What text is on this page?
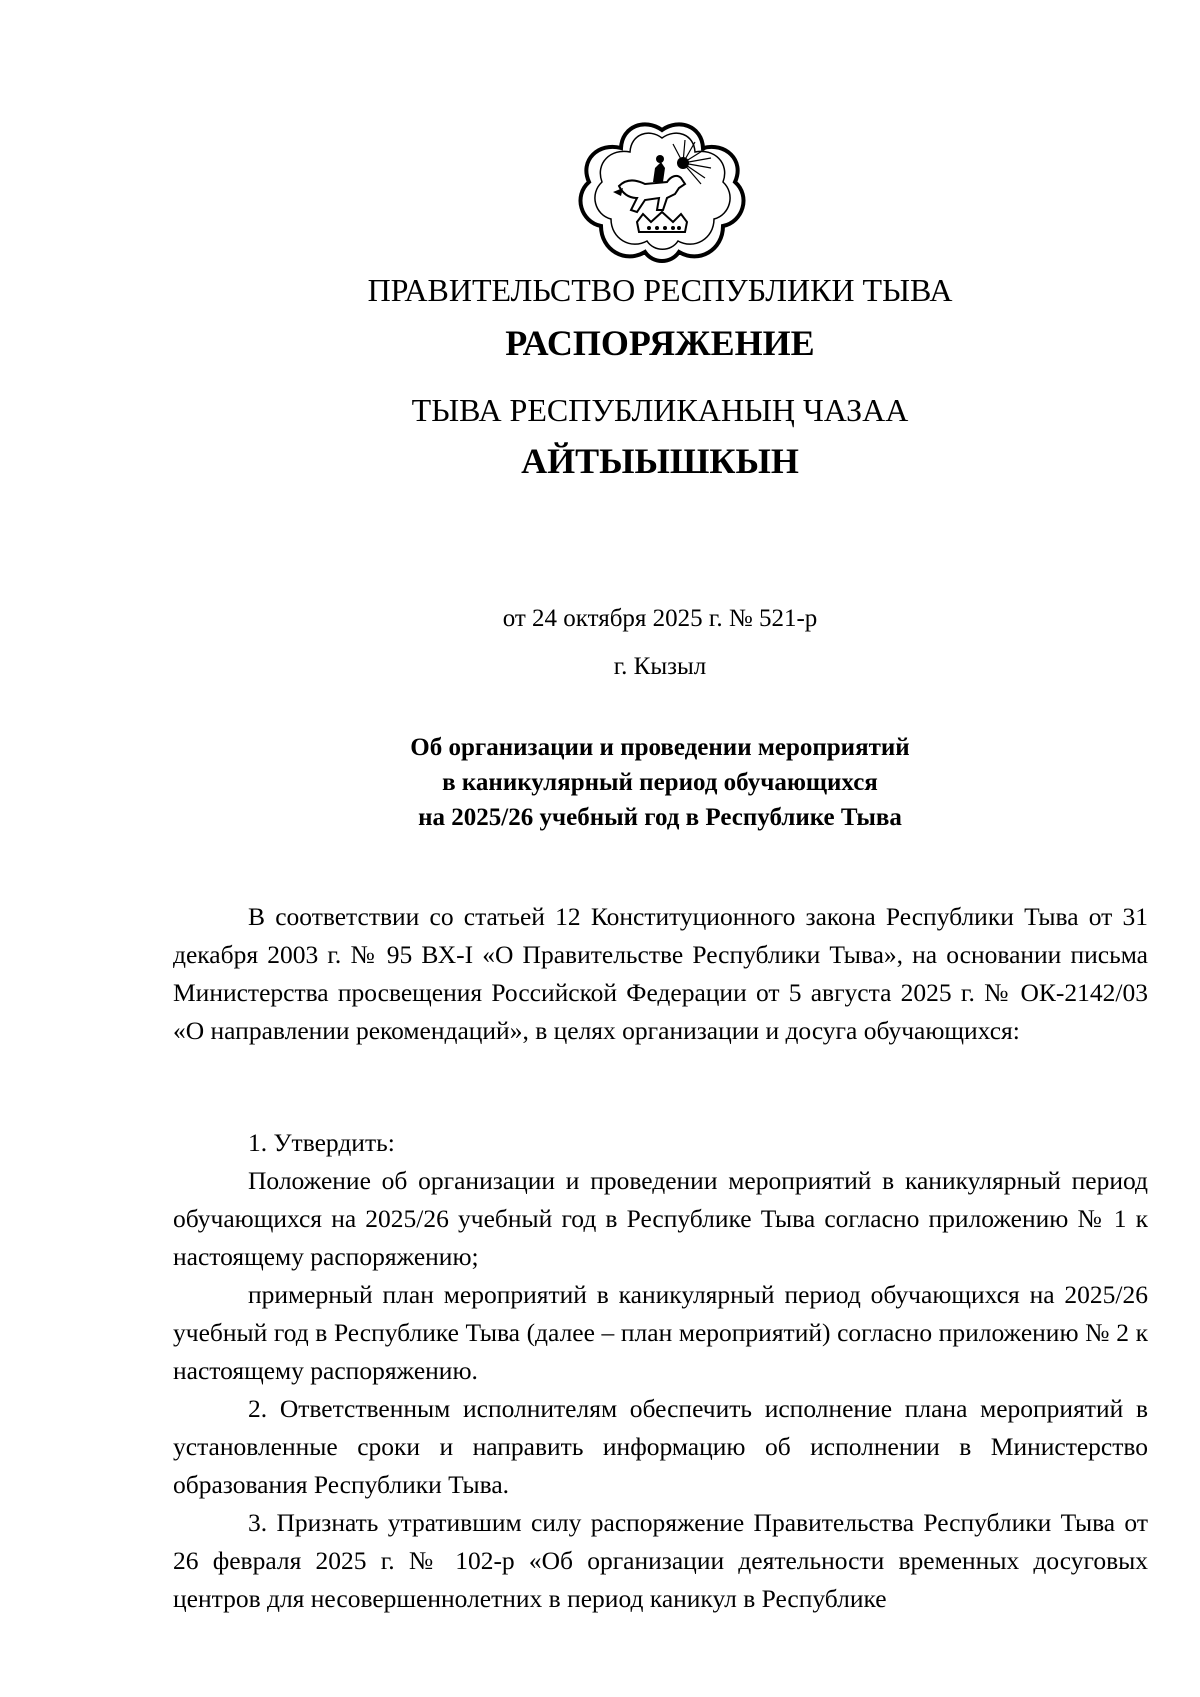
ПРАВИТЕЛЬСТВО РЕСПУБЛИКИ ТЫВА
РАСПОРЯЖЕНИЕ
ТЫВА РЕСПУБЛИКАНЫҢ ЧАЗАА
АЙТЫЫШКЫН
от 24 октября 2025 г. № 521-р
г. Кызыл
Об организации и проведении мероприятий
в каникулярный период обучающихся
на 2025/26 учебный год в Республике Тыва

В соответствии со статьей 12 Конституционного закона Республики Тыва от 31 декабря 2003 г. № 95 ВХ-I «О Правительстве Республики Тыва», на основании письма Министерства просвещения Российской Федерации от 5 августа 2025 г. № ОК-2142/03 «О направлении рекомендаций», в целях организации и досуга обучающихся:

1. Утвердить:

Положение об организации и проведении мероприятий в каникулярный период обучающихся на 2025/26 учебный год в Республике Тыва согласно приложению № 1 к настоящему распоряжению;

примерный план мероприятий в каникулярный период обучающихся на 2025/26 учебный год в Республике Тыва (далее – план мероприятий) согласно приложению № 2 к настоящему распоряжению.

2. Ответственным исполнителям обеспечить исполнение плана мероприятий в установленные сроки и направить информацию об исполнении в Министерство образования Республики Тыва.

3. Признать утратившим силу распоряжение Правительства Республики Тыва от 26 февраля 2025 г. № 102-р «Об организации деятельности временных досуговых центров для несовершеннолетних в период каникул в Республике
